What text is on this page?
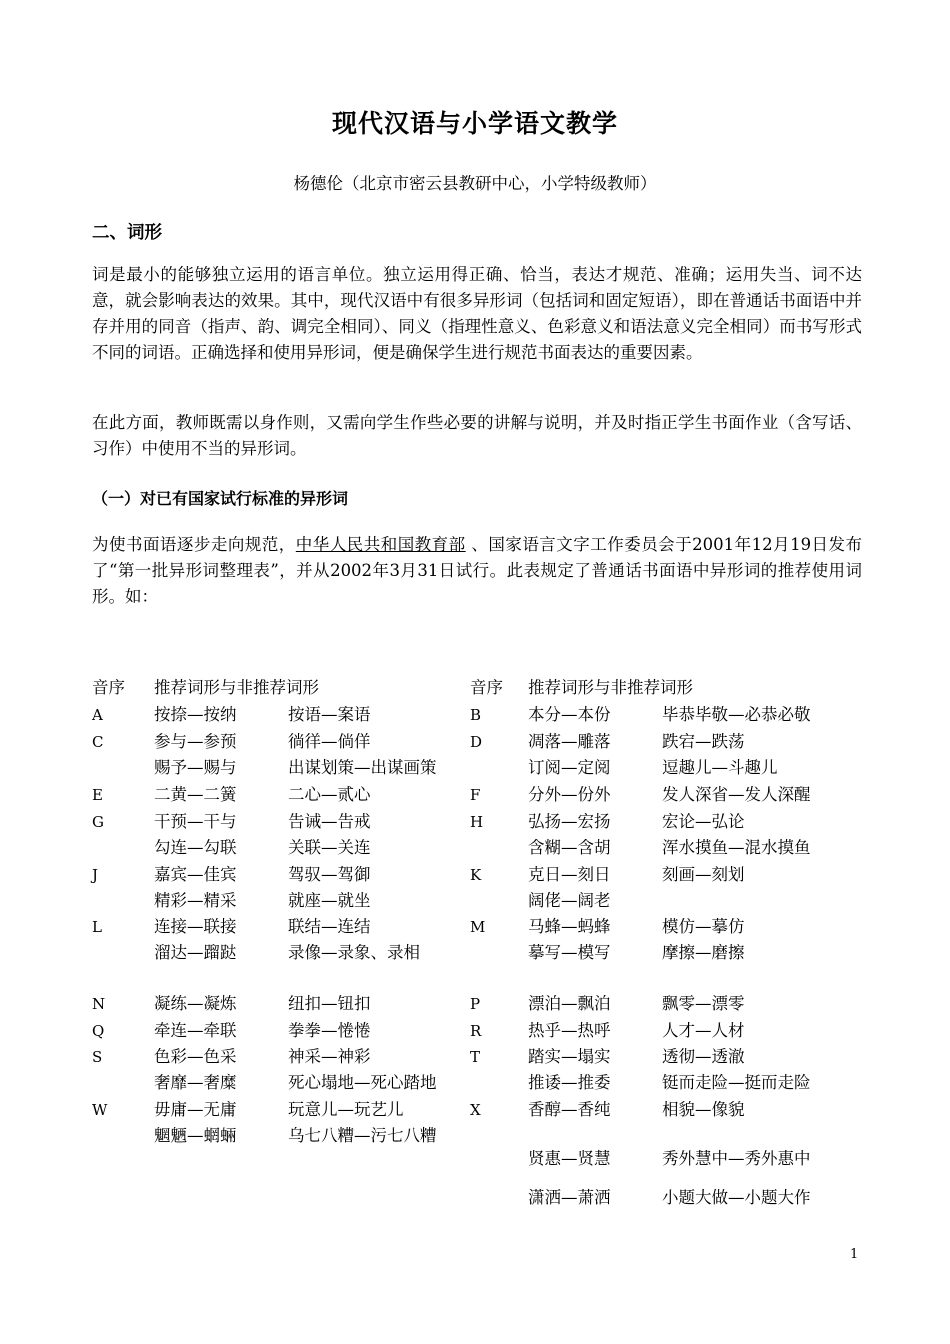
现代汉语与小学语文教学
杨德伦（北京市密云县教研中心，小学特级教师）
二、词形

词是最小的能够独立运用的语言单位。独立运用得正确、恰当，表达才规范、准确；运用失当、词不达意，就会影响表达的效果。其中，现代汉语中有很多异形词（包括词和固定短语），即在普通话书面语中并存并用的同音（指声、韵、调完全相同）、同义（指理性意义、色彩意义和语法意义完全相同）而书写形式不同的词语。正确选择和使用异形词，便是确保学生进行规范书面表达的重要因素。

在此方面，教师既需以身作则，又需向学生作些必要的讲解与说明，并及时指正学生书面作业（含写话、习作）中使用不当的异形词。

（一）对已有国家试行标准的异形词

为使书面语逐步走向规范，中华人民共和国教育部 、国家语言文字工作委员会于2001年12月19日发布了“第一批异形词整理表”，并从2002年3月31日试行。此表规定了普通话书面语中异形词的推荐使用词形。如：

音序 推荐词形与非推荐词形	音序 推荐词形与非推荐词形
A	按捺—按纳	按语—案语	B	本分—本份	毕恭毕敬—必恭必敬
C	参与—参预	徜徉—倘佯	D	凋落—雕落	跌宕—跌荡
赐予—赐与	出谋划策—出谋画策	订阅—定阅	逗趣儿—斗趣儿
E	二黄—二簧	二心—贰心	F	分外—份外	发人深省—发人深醒
G	干预—干与	告诫—告戒	H	弘扬—宏扬	宏论—弘论
勾连—勾联	关联—关连	含糊—含胡	浑水摸鱼—混水摸鱼
J	嘉宾—佳宾	驾驭—驾御	K	克日—刻日	刻画—刻划
精彩—精采	就座—就坐	阔佬—阔老
L	连接—联接	联结—连结	M	马蜂—蚂蜂	模仿—摹仿
溜达—蹓跶	录像—录象、录相	摹写—模写	摩擦—磨擦
N	凝练—凝炼	纽扣—钮扣	P	漂泊—飘泊	飘零—漂零
Q	牵连—牵联	拳拳—惓惓	R	热乎—热呼	人才—人材
S	色彩—色采	神采—神彩	T	踏实—塌实	透彻—透澈
奢靡—奢糜	死心塌地—死心踏地	推诿—推委	铤而走险—挺而走险
W	毋庸—无庸	玩意儿—玩艺儿	X	香醇—香纯	相貌—像貌
魍魉—蝄蜽	乌七八糟—污七八糟
贤惠—贤慧	秀外慧中—秀外惠中
潇洒—萧洒	小题大做—小题大作
1
